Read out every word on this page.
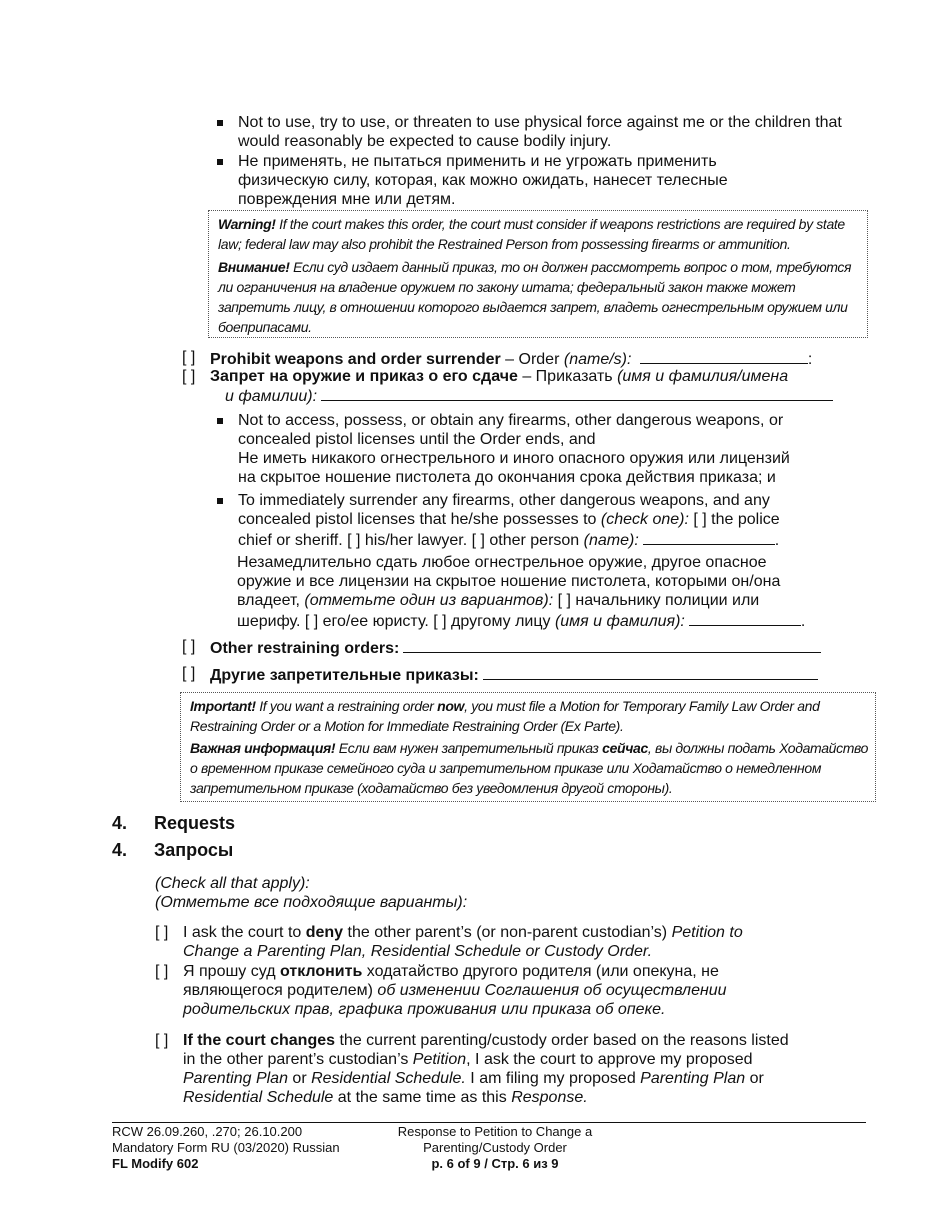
Not to use, try to use, or threaten to use physical force against me or the children that would reasonably be expected to cause bodily injury.
Не применять, не пытаться применить и не угрожать применить физическую силу, которая, как можно ожидать, нанесет телесные повреждения мне или детям.
Warning! If the court makes this order, the court must consider if weapons restrictions are required by state law; federal law may also prohibit the Restrained Person from possessing firearms or ammunition.
Внимание! Если суд издает данный приказ, то он должен рассмотреть вопрос о том, требуются ли ограничения на владение оружием по закону штата; федеральный закон также может запретить лицу, в отношении которого выдается запрет, владеть огнестрельным оружием или боеприпасами.
[ ] Prohibit weapons and order surrender – Order (name/s):	:
[ ] Запрет на оружие и приказ о его сдаче – Приказать (имя и фамилия/имена
и фамилии):
Not to access, possess, or obtain any firearms, other dangerous weapons, or
concealed pistol licenses until the Order ends, and
Не иметь никакого огнестрельного и иного опасного оружия или лицензий
на скрытое ношение пистолета до окончания срока действия приказа; и
To immediately surrender any firearms, other dangerous weapons, and any
concealed pistol licenses that he/she possesses to (check one): [ ] the police
chief or sheriff. [ ] his/her lawyer. [ ] other person (name):	.
Незамедлительно сдать любое огнестрельное оружие, другое опасное
оружие и все лицензии на скрытое ношение пистолета, которыми он/она
владеет, (отметьте один из вариантов): [ ] начальнику полиции или
шерифу. [ ] его/ее юристу. [ ] другому лицу (имя и фамилия):	.
[ ] Other restraining orders:
[ ] Другие запретительные приказы:
Important! If you want a restraining order now, you must file a Motion for Temporary Family Law Order and Restraining Order or a Motion for Immediate Restraining Order (Ex Parte).
Важная информация! Если вам нужен запретительный приказ сейчас, вы должны подать Ходатайство о временном приказе семейного суда и запретительном приказе или Ходатайство о немедленном запретительном приказе (ходатайство без уведомления другой стороны).
4. Requests
4. Запросы
(Check all that apply):
(Отметьте все подходящие варианты):
[ ] I ask the court to deny the other parent’s (or non-parent custodian’s) Petition to
Change a Parenting Plan, Residential Schedule or Custody Order.
[ ] Я прошу суд отклонить ходатайство другого родителя (или опекуна, не
являющегося родителем) об изменении Соглашения об осуществлении
родительских прав, графика проживания или приказа об опеке.
[ ] If the court changes the current parenting/custody order based on the reasons listed
in the other parent’s custodian’s Petition, I ask the court to approve my proposed
Parenting Plan or Residential Schedule. I am filing my proposed Parenting Plan or
Residential Schedule at the same time as this Response.
RCW 26.09.260, .270; 26.10.200
Mandatory Form RU (03/2020) Russian
FL Modify 602
Response to Petition to Change a
Parenting/Custody Order
p. 6 of 9 / Стр. 6 из 9
